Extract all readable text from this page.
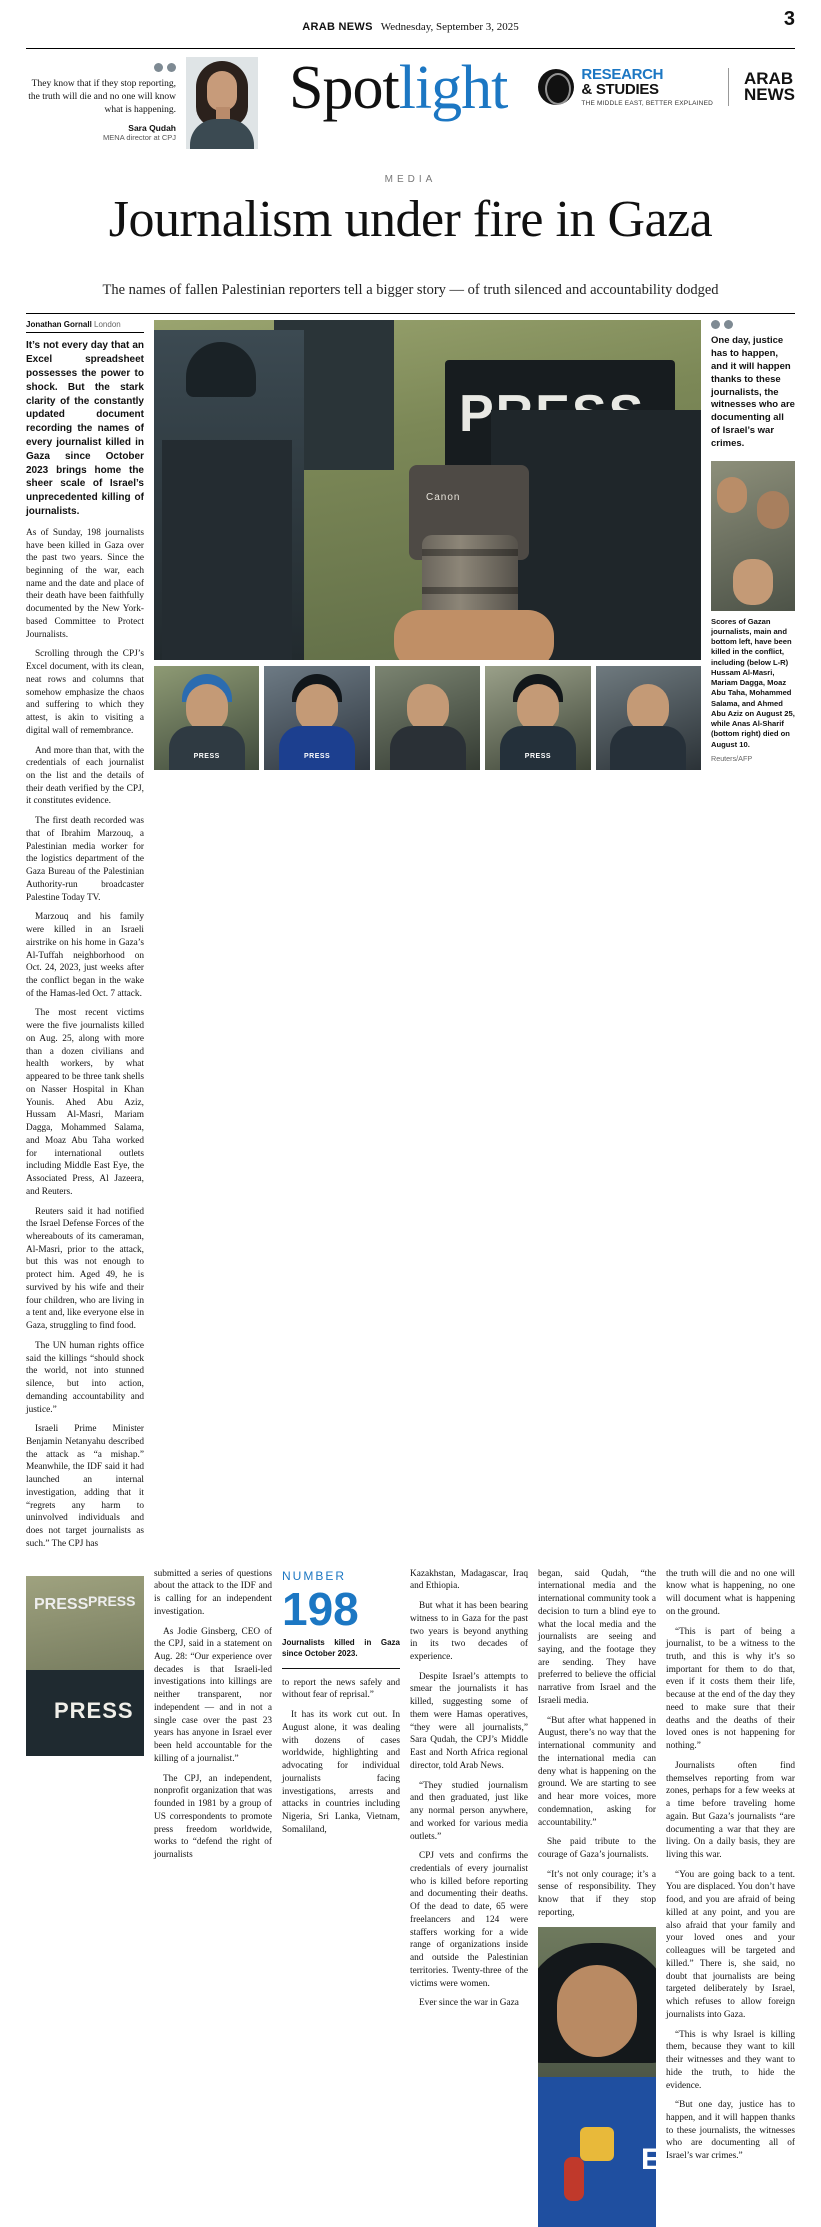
ARAB NEWS Wednesday, September 3, 2025	3
They know that if they stop reporting, the truth will die and no one will know what is happening.
Sara Qudah
MENA director at CPJ
Spotlight	RESEARCH
& STUDIES
THE MIDDLE EAST, BETTER EXPLAINED
ARAB
NEWS
MEDIA
Journalism under fire in Gaza
The names of fallen Palestinian reporters tell a bigger story — of truth silenced and accountability dodged
Jonathan Gornall London
It’s not every day that an Excel spreadsheet possesses the power to shock. But the stark clarity of the constantly updated document recording the names of every journalist killed in Gaza since October 2023 brings home the sheer scale of Israel’s unprecedented killing of journalists.

As of Sunday, 198 journalists have been killed in Gaza over the past two years. Since the beginning of the war, each name and the date and place of their death have been faithfully documented by the New York-based Committee to Protect Journalists.

Scrolling through the CPJ’s Excel document, with its clean, neat rows and columns that somehow emphasize the chaos and suffering to which they attest, is akin to visiting a digital wall of remembrance.

And more than that, with the credentials of each journalist on the list and the details of their death verified by the CPJ, it constitutes evidence.

The first death recorded was that of Ibrahim Marzouq, a Palestinian media worker for the logistics department of the Gaza Bureau of the Palestinian Authority-run broadcaster Palestine Today TV.

Marzouq and his family were killed in an Israeli airstrike on his home in Gaza’s Al-Tuffah neighborhood on Oct. 24, 2023, just weeks after the conflict began in the wake of the Hamas-led Oct. 7 attack.

The most recent victims were the five journalists killed on Aug. 25, along with more than a dozen civilians and health workers, by what appeared to be three tank shells on Nasser Hospital in Khan Younis. Ahed Abu Aziz, Hussam Al-Masri, Mariam Dagga, Mohammed Salama, and Moaz Abu Taha worked for international outlets including Middle East Eye, the Associated Press, Al Jazeera, and Reuters.

Reuters said it had notified the Israel Defense Forces of the whereabouts of its cameraman, Al-Masri, prior to the attack, but this was not enough to protect him. Aged 49, he is survived by his wife and their four children, who are living in a tent and, like everyone else in Gaza, struggling to find food.

The UN human rights office said the killings “should shock the world, not into stunned silence, but into action, demanding accountability and justice.”

Israeli Prime Minister Benjamin Netanyahu described the attack as “a mishap.” Meanwhile, the IDF said it had launched an internal investigation, adding that it “regrets any harm to uninvolved individuals and does not target journalists as such.” The CPJ has

PRESS
Canon
PRESS	PRESS	PRESS
One day, justice has to happen, and it will happen thanks to these journalists, the witnesses who are documenting all of Israel’s war crimes.
Scores of Gazan journalists, main and bottom left, have been killed in the conflict, including (below L-R) Hussam Al-Masri, Mariam Dagga, Moaz Abu Taha, Mohammed Salama, and Ahmed Abu Aziz on August 25, while Anas Al-Sharif (bottom right) died on August 10.
Reuters/AFP
PRESS PRESS
PRESS

submitted a series of questions about the attack to the IDF and is calling for an independent investigation.

As Jodie Ginsberg, CEO of the CPJ, said in a statement on Aug. 28: “Our experience over decades is that Israeli-led investigations into killings are neither transparent, nor independent — and in not a single case over the past 23 years has anyone in Israel ever been held accountable for the killing of a journalist.”

The CPJ, an independent, nonprofit organization that was founded in 1981 by a group of US correspondents to promote press freedom worldwide, works to “defend the right of journalists

NUMBER
198
Journalists killed in Gaza since October 2023.

to report the news safely and without fear of reprisal.”

It has its work cut out. In August alone, it was dealing with dozens of cases worldwide, highlighting and advocating for individual journalists facing investigations, arrests and attacks in countries including Nigeria, Sri Lanka, Vietnam, Somaliland,

Kazakhstan, Madagascar, Iraq and Ethiopia.

But what it has been bearing witness to in Gaza for the past two years is beyond anything in its two decades of experience.

Despite Israel’s attempts to smear the journalists it has killed, suggesting some of them were Hamas operatives, “they were all journalists,” Sara Qudah, the CPJ’s Middle East and North Africa regional director, told Arab News.

“They studied journalism and then graduated, just like any normal person anywhere, and worked for various media outlets.”

CPJ vets and confirms the credentials of every journalist who is killed before reporting and documenting their deaths. Of the dead to date, 65 were freelancers and 124 were staffers working for a wide range of organizations inside and outside the Palestinian territories. Twenty-three of the victims were women.

Ever since the war in Gaza

began, said Qudah, “the international media and the international community took a decision to turn a blind eye to what the local media and the journalists are seeing and saying, and the footage they are sending. They have preferred to believe the official narrative from Israel and the Israeli media.

“But after what happened in August, there’s no way that the international community and the international media can deny what is happening on the ground. We are starting to see and hear more voices, more condemnation, asking for accountability.”

She paid tribute to the courage of Gaza’s journalists.

“It’s not only courage; it’s a sense of responsibility. They know that if they stop reporting,

ESS

the truth will die and no one will know what is happening, no one will document what is happening on the ground.

“This is part of being a journalist, to be a witness to the truth, and this is why it’s so important for them to do that, even if it costs them their life, because at the end of the day they need to make sure that their deaths and the deaths of their loved ones is not happening for nothing.”

Journalists often find themselves reporting from war zones, perhaps for a few weeks at a time before traveling home again. But Gaza’s journalists “are documenting a war that they are living. On a daily basis, they are living this war.

“You are going back to a tent. You are displaced. You don’t have food, and you are afraid of being killed at any point, and you are also afraid that your family and your loved ones and your colleagues will be targeted and killed.” There is, she said, no doubt that journalists are being targeted deliberately by Israel, which refuses to allow foreign journalists into Gaza.

“This is why Israel is killing them, because they want to kill their witnesses and they want to hide the truth, to hide the evidence.

“But one day, justice has to happen, and it will happen thanks to these journalists, the witnesses who are documenting all of Israel’s war crimes.”
